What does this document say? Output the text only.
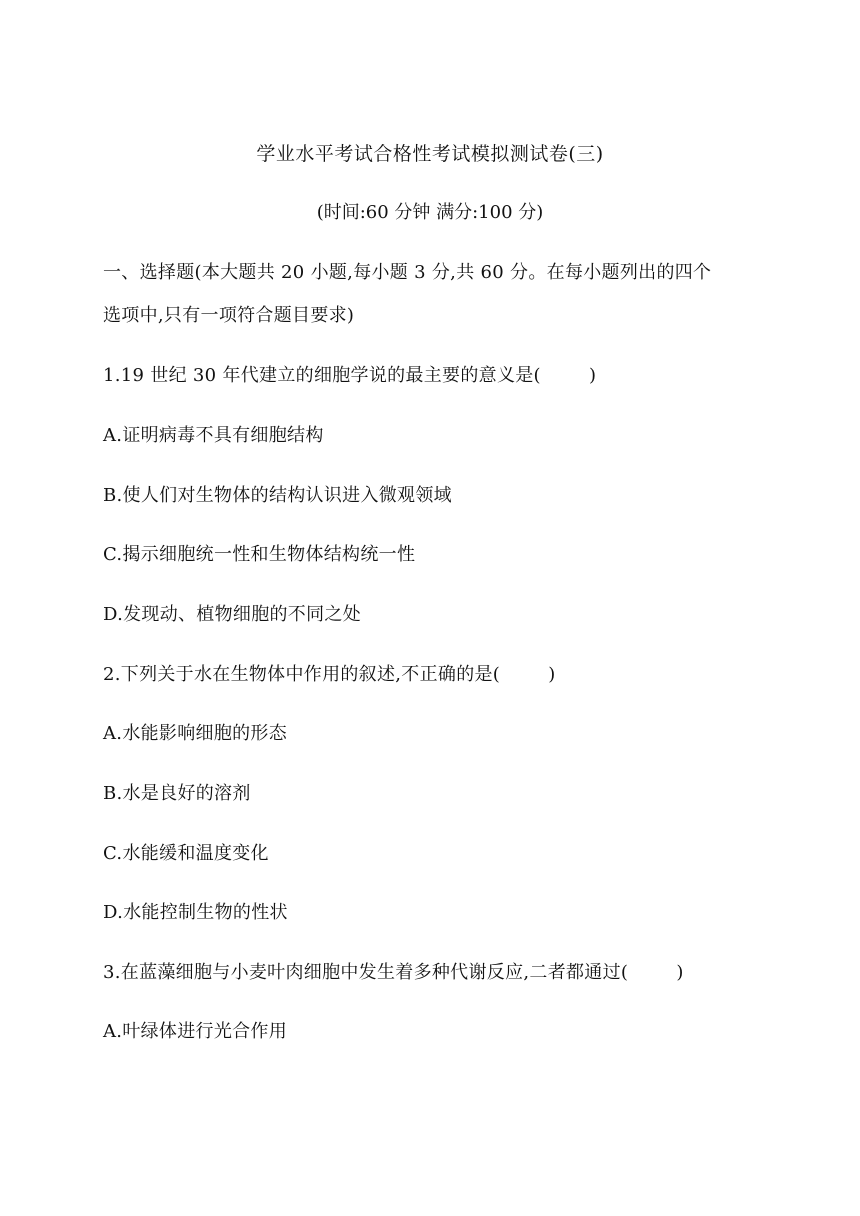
学业水平考试合格性考试模拟测试卷(三)
(时间:60 分钟 满分:100 分)
一、选择题(本大题共 20 小题,每小题 3 分,共 60 分。在每小题列出的四个
选项中,只有一项符合题目要求)
1.19 世纪 30 年代建立的细胞学说的最主要的意义是(        )
A.证明病毒不具有细胞结构
B.使人们对生物体的结构认识进入微观领域
C.揭示细胞统一性和生物体结构统一性
D.发现动、植物细胞的不同之处
2.下列关于水在生物体中作用的叙述,不正确的是(        )
A.水能影响细胞的形态
B.水是良好的溶剂
C.水能缓和温度变化
D.水能控制生物的性状
3.在蓝藻细胞与小麦叶肉细胞中发生着多种代谢反应,二者都通过(        )
A.叶绿体进行光合作用
